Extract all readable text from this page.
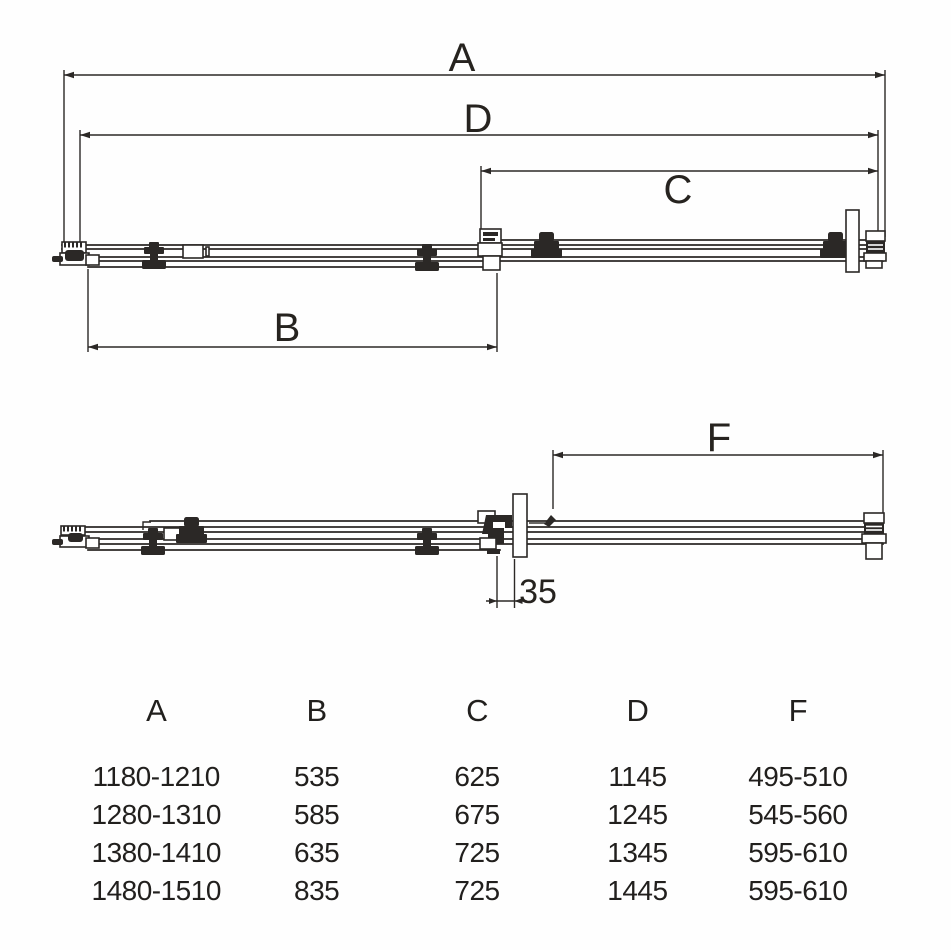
A
D
C
B
F
35
A	B	C	D	F
1180-1210	535	625	1145	495-510
1280-1310	585	675	1245	545-560
1380-1410	635	725	1345	595-610
1480-1510	835	725	1445	595-610
